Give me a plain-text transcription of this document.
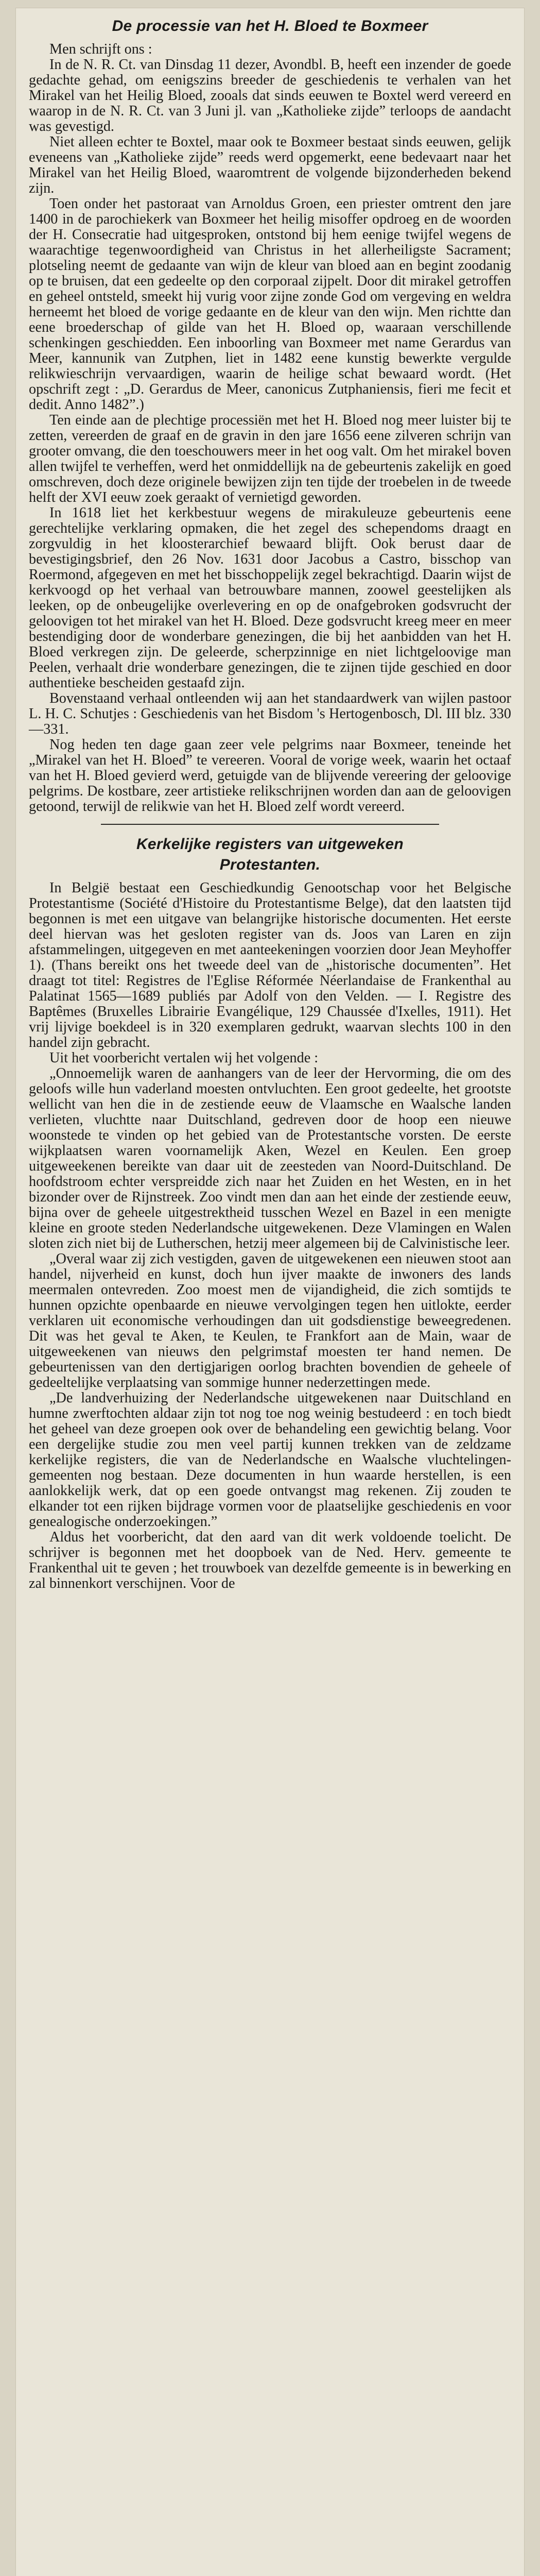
De processie van het H. Bloed te Boxmeer

Men schrijft ons :

In de N. R. Ct. van Dinsdag 11 dezer, Avondbl. B, heeft een inzender de goede gedachte gehad, om eenigszins breeder de geschiedenis te verhalen van het Mirakel van het Heilig Bloed, zooals dat sinds eeuwen te Boxtel werd vereerd en waarop in de N. R. Ct. van 3 Juni jl. van „Katholieke zijde” terloops de aandacht was gevestigd.

Niet alleen echter te Boxtel, maar ook te Boxmeer bestaat sinds eeuwen, gelijk eveneens van „Katholieke zijde” reeds werd opgemerkt, eene bedevaart naar het Mirakel van het Heilig Bloed, waaromtrent de volgende bijzonderheden bekend zijn.

Toen onder het pastoraat van Arnoldus Groen, een priester omtrent den jare 1400 in de parochiekerk van Boxmeer het heilig misoffer opdroeg en de woorden der H. Consecratie had uitgesproken, ontstond bij hem eenige twijfel wegens de waarachtige tegenwoordigheid van Christus in het allerheiligste Sacrament; plotseling neemt de gedaante van wijn de kleur van bloed aan en begint zoodanig op te bruisen, dat een gedeelte op den corporaal zijpelt. Door dit mirakel getroffen en geheel ontsteld, smeekt hij vurig voor zijne zonde God om vergeving en weldra herneemt het bloed de vorige gedaante en de kleur van den wijn. Men richtte dan eene broederschap of gilde van het H. Bloed op, waaraan verschillende schenkingen geschiedden. Een inboorling van Boxmeer met name Gerardus van Meer, kannunik van Zutphen, liet in 1482 eene kunstig bewerkte vergulde relikwieschrijn vervaardigen, waarin de heilige schat bewaard wordt. (Het opschrift zegt : „D. Gerardus de Meer, canonicus Zutphaniensis, fieri me fecit et dedit. Anno 1482”.)

Ten einde aan de plechtige processiën met het H. Bloed nog meer luister bij te zetten, vereerden de graaf en de gravin in den jare 1656 eene zilveren schrijn van grooter omvang, die den toeschouwers meer in het oog valt. Om het mirakel boven allen twijfel te verheffen, werd het onmiddellijk na de gebeurtenis zakelijk en goed omschreven, doch deze originele bewijzen zijn ten tijde der troebelen in de tweede helft der XVI eeuw zoek geraakt of vernietigd geworden.

In 1618 liet het kerkbestuur wegens de mirakuleuze gebeurtenis eene gerechtelijke verklaring opmaken, die het zegel des schependoms draagt en zorgvuldig in het kloosterarchief bewaard blijft. Ook berust daar de bevestigingsbrief, den 26 Nov. 1631 door Jacobus a Castro, bisschop van Roermond, afgegeven en met het bisschoppelijk zegel bekrachtigd. Daarin wijst de kerkvoogd op het verhaal van betrouwbare mannen, zoowel geestelijken als leeken, op de onbeugelijke overlevering en op de onafgebroken godsvrucht der geloovigen tot het mirakel van het H. Bloed. Deze godsvrucht kreeg meer en meer bestendiging door de wonderbare genezingen, die bij het aanbidden van het H. Bloed verkregen zijn. De geleerde, scherpzinnige en niet lichtgeloovige man Peelen, verhaalt drie wonderbare genezingen, die te zijnen tijde geschied en door authentieke bescheiden gestaafd zijn.

Bovenstaand verhaal ontleenden wij aan het standaardwerk van wijlen pastoor L. H. C. Schutjes : Geschiedenis van het Bisdom 's Hertogenbosch, Dl. III blz. 330—331.

Nog heden ten dage gaan zeer vele pelgrims naar Boxmeer, teneinde het „Mirakel van het H. Bloed” te vereeren. Vooral de vorige week, waarin het octaaf van het H. Bloed gevierd werd, getuigde van de blijvende vereering der geloovige pelgrims. De kostbare, zeer artistieke relikschrijnen worden dan aan de geloovigen getoond, terwijl de relikwie van het H. Bloed zelf wordt vereerd.

Kerkelijke registers van uitgeweken
Protestanten.

In België bestaat een Geschiedkundig Genootschap voor het Belgische Protestantisme (Société d'Histoire du Protestantisme Belge), dat den laatsten tijd begonnen is met een uitgave van belangrijke historische documenten. Het eerste deel hiervan was het gesloten register van ds. Joos van Laren en zijn afstammelingen, uitgegeven en met aanteekeningen voorzien door Jean Meyhoffer 1). (Thans bereikt ons het tweede deel van de „historische documenten”. Het draagt tot titel: Registres de l'Eglise Réformée Néerlandaise de Frankenthal au Palatinat 1565—1689 publiés par Adolf von den Velden. — I. Registre des Baptêmes (Bruxelles Librairie Evangélique, 129 Chaussée d'Ixelles, 1911). Het vrij lijvige boekdeel is in 320 exemplaren gedrukt, waarvan slechts 100 in den handel zijn gebracht.

Uit het voorbericht vertalen wij het volgende :

„Onnoemelijk waren de aanhangers van de leer der Hervorming, die om des geloofs wille hun vaderland moesten ontvluchten. Een groot gedeelte, het grootste wellicht van hen die in de zestiende eeuw de Vlaamsche en Waalsche landen verlieten, vluchtte naar Duitschland, gedreven door de hoop een nieuwe woonstede te vinden op het gebied van de Protestantsche vorsten. De eerste wijkplaatsen waren voornamelijk Aken, Wezel en Keulen. Een groep uitgeweekenen bereikte van daar uit de zeesteden van Noord-Duitschland. De hoofdstroom echter verspreidde zich naar het Zuiden en het Westen, en in het bizonder over de Rijnstreek. Zoo vindt men dan aan het einde der zestiende eeuw, bijna over de geheele uitgestrektheid tusschen Wezel en Bazel in een menigte kleine en groote steden Nederlandsche uitgewekenen. Deze Vlamingen en Walen sloten zich niet bij de Lutherschen, hetzij meer algemeen bij de Calvinistische leer.

„Overal waar zij zich vestigden, gaven de uitgewekenen een nieuwen stoot aan handel, nijverheid en kunst, doch hun ijver maakte de inwoners des lands meermalen ontevreden. Zoo moest men de vijandigheid, die zich somtijds te hunnen opzichte openbaarde en nieuwe vervolgingen tegen hen uitlokte, eerder verklaren uit economische verhoudingen dan uit godsdienstige beweegredenen. Dit was het geval te Aken, te Keulen, te Frankfort aan de Main, waar de uitgeweekenen van nieuws den pelgrimstaf moesten ter hand nemen. De gebeurtenissen van den dertigjarigen oorlog brachten bovendien de geheele of gedeeltelijke verplaatsing van sommige hunner nederzettingen mede.

„De landverhuizing der Nederlandsche uitgewekenen naar Duitschland en humne zwerftochten aldaar zijn tot nog toe nog weinig bestudeerd : en toch biedt het geheel van deze groepen ook over de behandeling een gewichtig belang. Voor een dergelijke studie zou men veel partij kunnen trekken van de zeldzame kerkelijke registers, die van de Nederlandsche en Waalsche vluchtelingen-gemeenten nog bestaan. Deze documenten in hun waarde herstellen, is een aanlokkelijk werk, dat op een goede ontvangst mag rekenen. Zij zouden te elkander tot een rijken bijdrage vormen voor de plaatselijke geschiedenis en voor genealogische onderzoekingen.”

Aldus het voorbericht, dat den aard van dit werk voldoende toelicht. De schrijver is begonnen met het doopboek van de Ned. Herv. gemeente te Frankenthal uit te geven ; het trouwboek van dezelfde gemeente is in bewerking en zal binnenkort verschijnen. Voor de
